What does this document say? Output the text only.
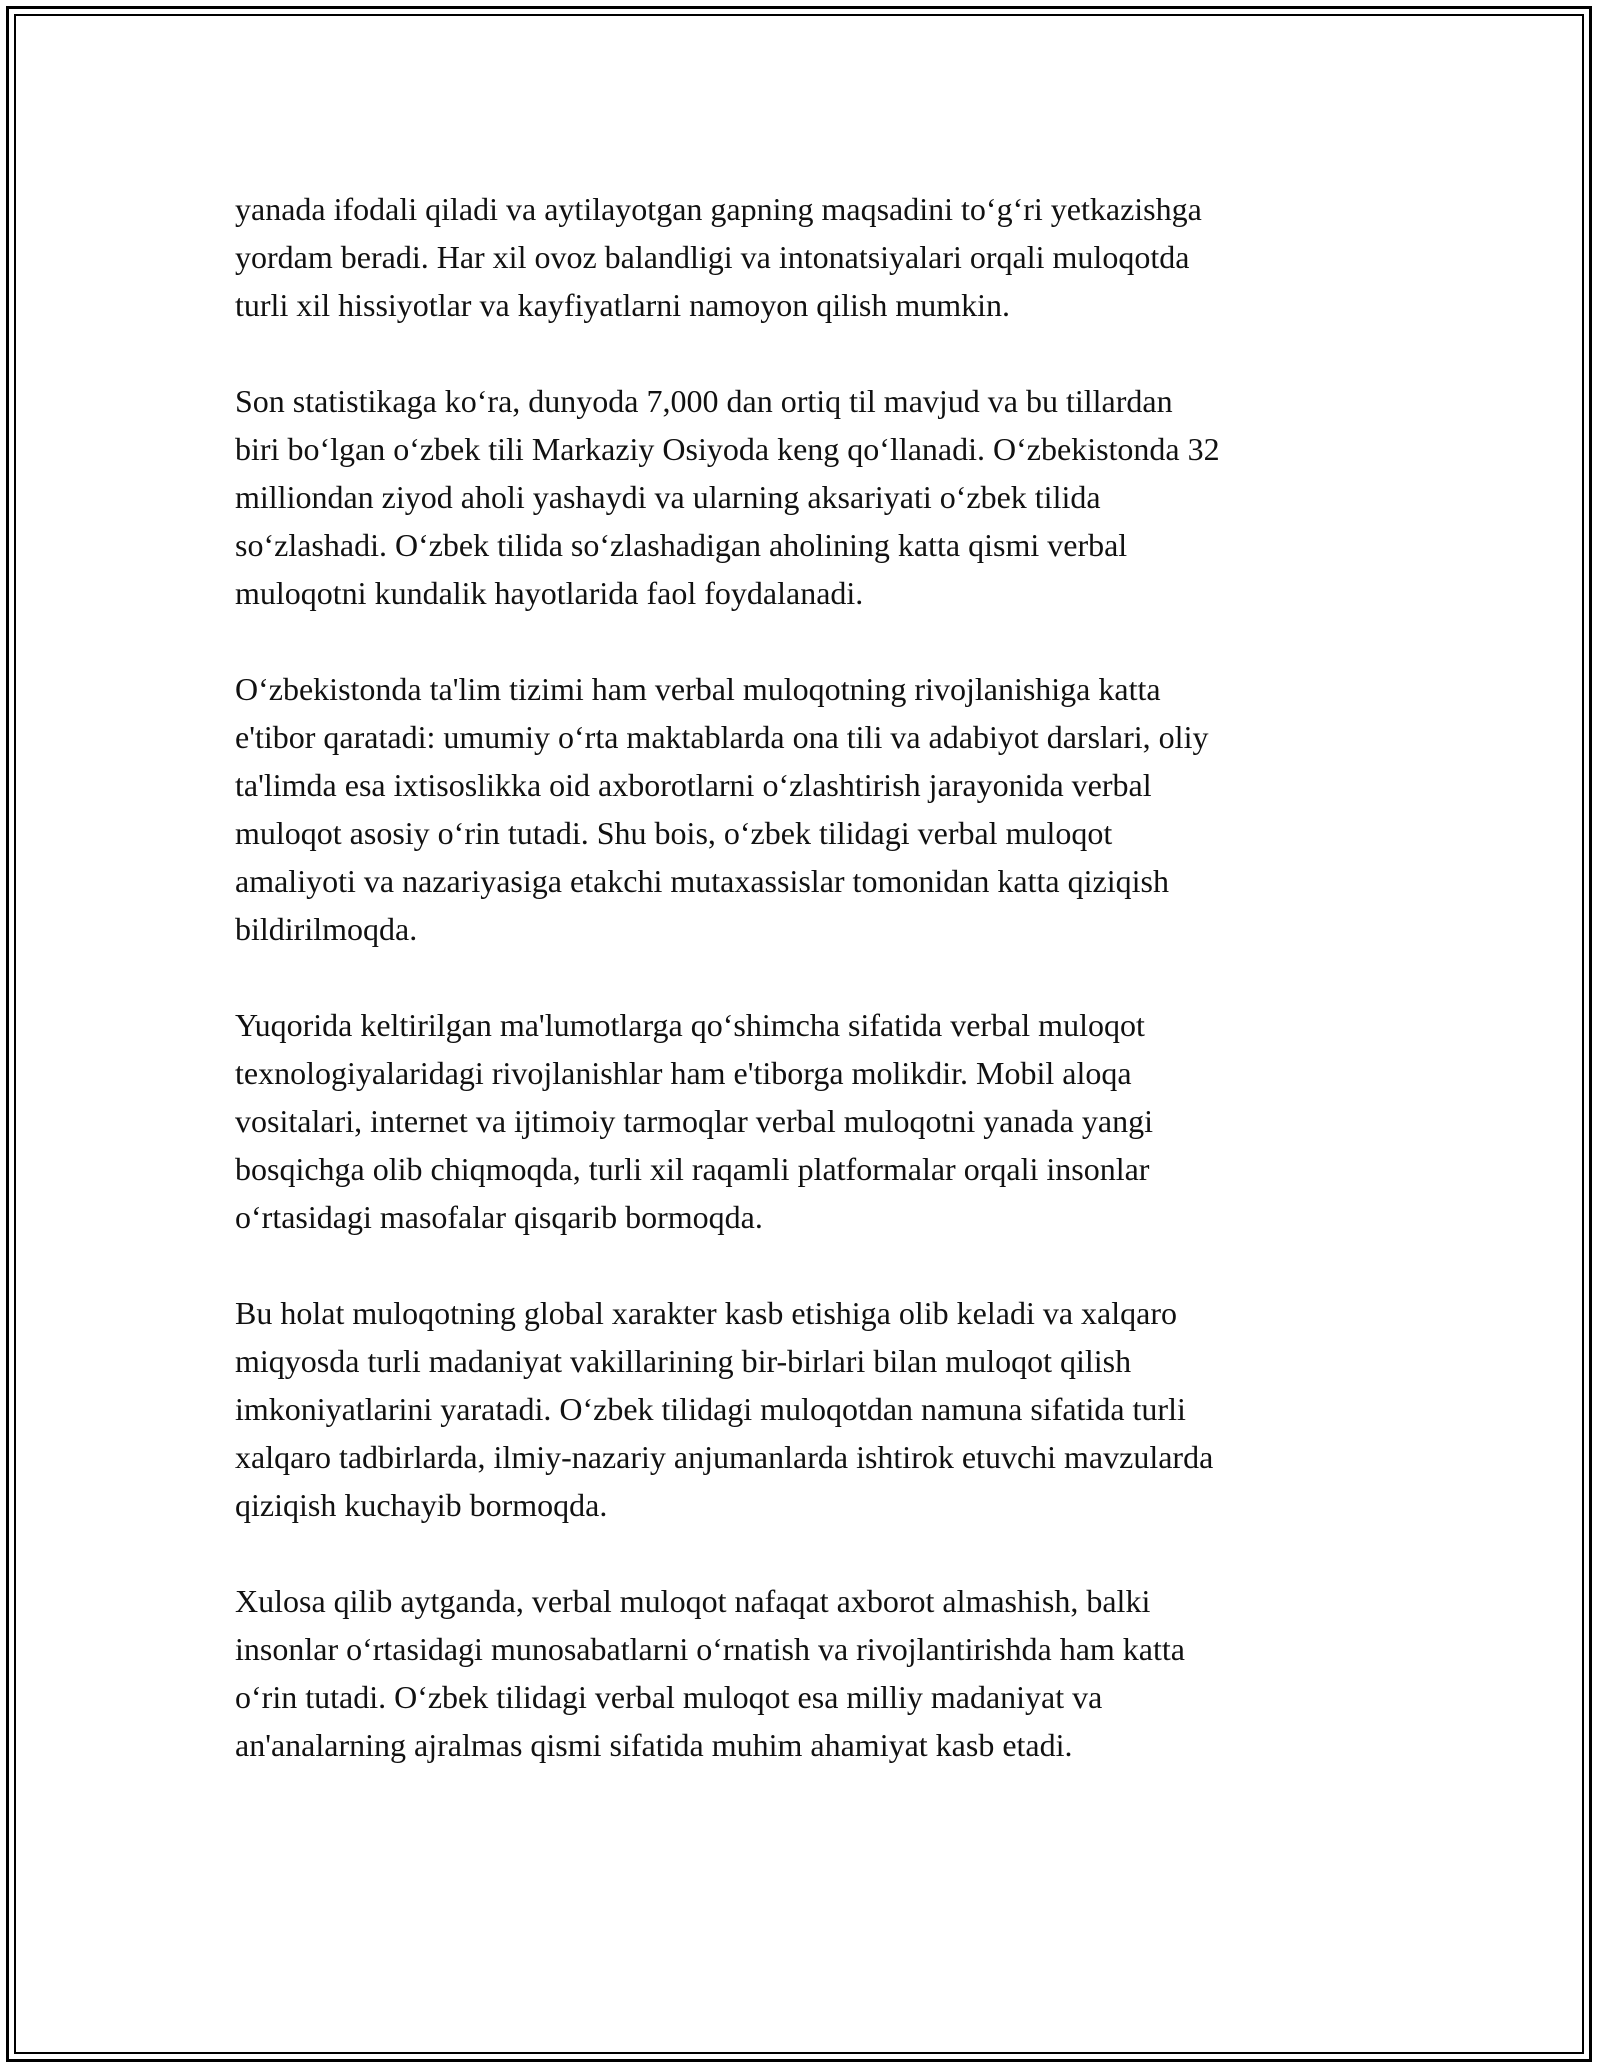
yanada ifodali qiladi va aytilayotgan gapning maqsadini to‘g‘ri yetkazishga
yordam beradi. Har xil ovoz balandligi va intonatsiyalari orqali muloqotda
turli xil hissiyotlar va kayfiyatlarni namoyon qilish mumkin.

Son statistikaga ko‘ra, dunyoda 7,000 dan ortiq til mavjud va bu tillardan
biri bo‘lgan o‘zbek tili Markaziy Osiyoda keng qo‘llanadi. O‘zbekistonda 32
milliondan ziyod aholi yashaydi va ularning aksariyati o‘zbek tilida
so‘zlashadi. O‘zbek tilida so‘zlashadigan aholining katta qismi verbal
muloqotni kundalik hayotlarida faol foydalanadi.

O‘zbekistonda ta'lim tizimi ham verbal muloqotning rivojlanishiga katta
e'tibor qaratadi: umumiy o‘rta maktablarda ona tili va adabiyot darslari, oliy
ta'limda esa ixtisoslikka oid axborotlarni o‘zlashtirish jarayonida verbal
muloqot asosiy o‘rin tutadi. Shu bois, o‘zbek tilidagi verbal muloqot
amaliyoti va nazariyasiga etakchi mutaxassislar tomonidan katta qiziqish
bildirilmoqda.

Yuqorida keltirilgan ma'lumotlarga qo‘shimcha sifatida verbal muloqot
texnologiyalaridagi rivojlanishlar ham e'tiborga molikdir. Mobil aloqa
vositalari, internet va ijtimoiy tarmoqlar verbal muloqotni yanada yangi
bosqichga olib chiqmoqda, turli xil raqamli platformalar orqali insonlar
o‘rtasidagi masofalar qisqarib bormoqda.

Bu holat muloqotning global xarakter kasb etishiga olib keladi va xalqaro
miqyosda turli madaniyat vakillarining bir-birlari bilan muloqot qilish
imkoniyatlarini yaratadi. O‘zbek tilidagi muloqotdan namuna sifatida turli
xalqaro tadbirlarda, ilmiy-nazariy anjumanlarda ishtirok etuvchi mavzularda
qiziqish kuchayib bormoqda.

Xulosa qilib aytganda, verbal muloqot nafaqat axborot almashish, balki
insonlar o‘rtasidagi munosabatlarni o‘rnatish va rivojlantirishda ham katta
o‘rin tutadi. O‘zbek tilidagi verbal muloqot esa milliy madaniyat va
an'analarning ajralmas qismi sifatida muhim ahamiyat kasb etadi.
